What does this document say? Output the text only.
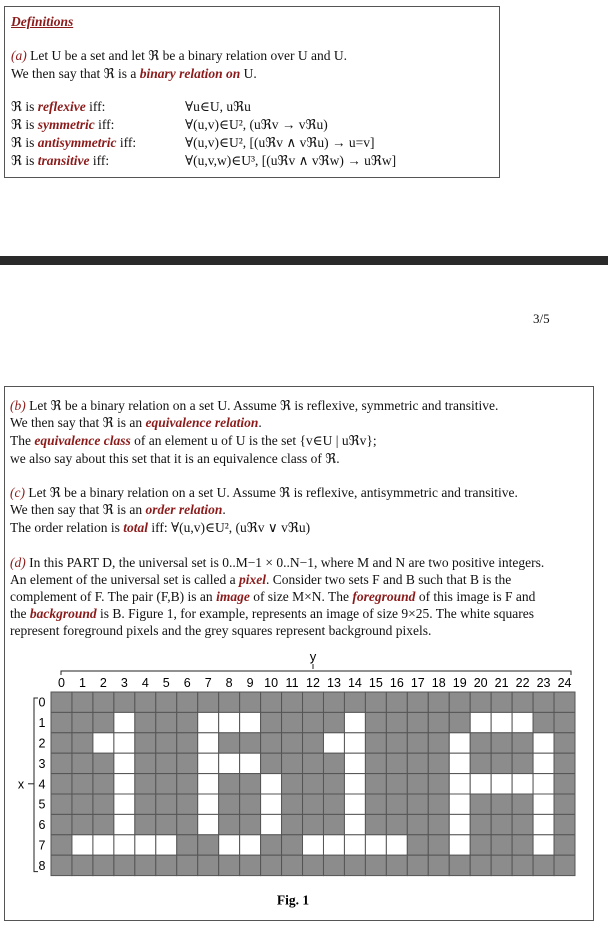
Definitions

(a) Let U be a set and let ℜ be a binary relation over U and U.

We then say that ℜ is a binary relation on U.

ℜ is reflexive iff:	∀u∈U, uℜu
ℜ is symmetric iff:	∀(u,v)∈U², (uℜv → vℜu)
ℜ is antisymmetric iff:	∀(u,v)∈U², [(uℜv ∧ vℜu) → u=v]
ℜ is transitive iff:	∀(u,v,w)∈U³, [(uℜv ∧ vℜw) → uℜw]
3/5

(b) Let ℜ be a binary relation on a set U. Assume ℜ is reflexive, symmetric and transitive.

We then say that ℜ is an equivalence relation.

The equivalence class of an element u of U is the set {v∈U | uℜv};

we also say about this set that it is an equivalence class of ℜ.

(c) Let ℜ be a binary relation on a set U. Assume ℜ is reflexive, antisymmetric and transitive.

We then say that ℜ is an order relation.

The order relation is total iff: ∀(u,v)∈U², (uℜv ∨ vℜu)

(d) In this PART D, the universal set is 0..M−1 × 0..N−1, where M and N are two positive integers.

An element of the universal set is called a pixel. Consider two sets F and B such that B is the

complement of F. The pair (F,B) is an image of size M×N. The foreground of this image is F and

the background is B. Figure 1, for example, represents an image of size 9×25. The white squares

represent foreground pixels and the grey squares represent background pixels.

y
0 1 2 3 4 5 6 7 8 9 10 11 12 13 14 15 16 17 18 19 20 21 22 23 24
x
0
1
2
3
4
5
6
7
8
Fig. 1
